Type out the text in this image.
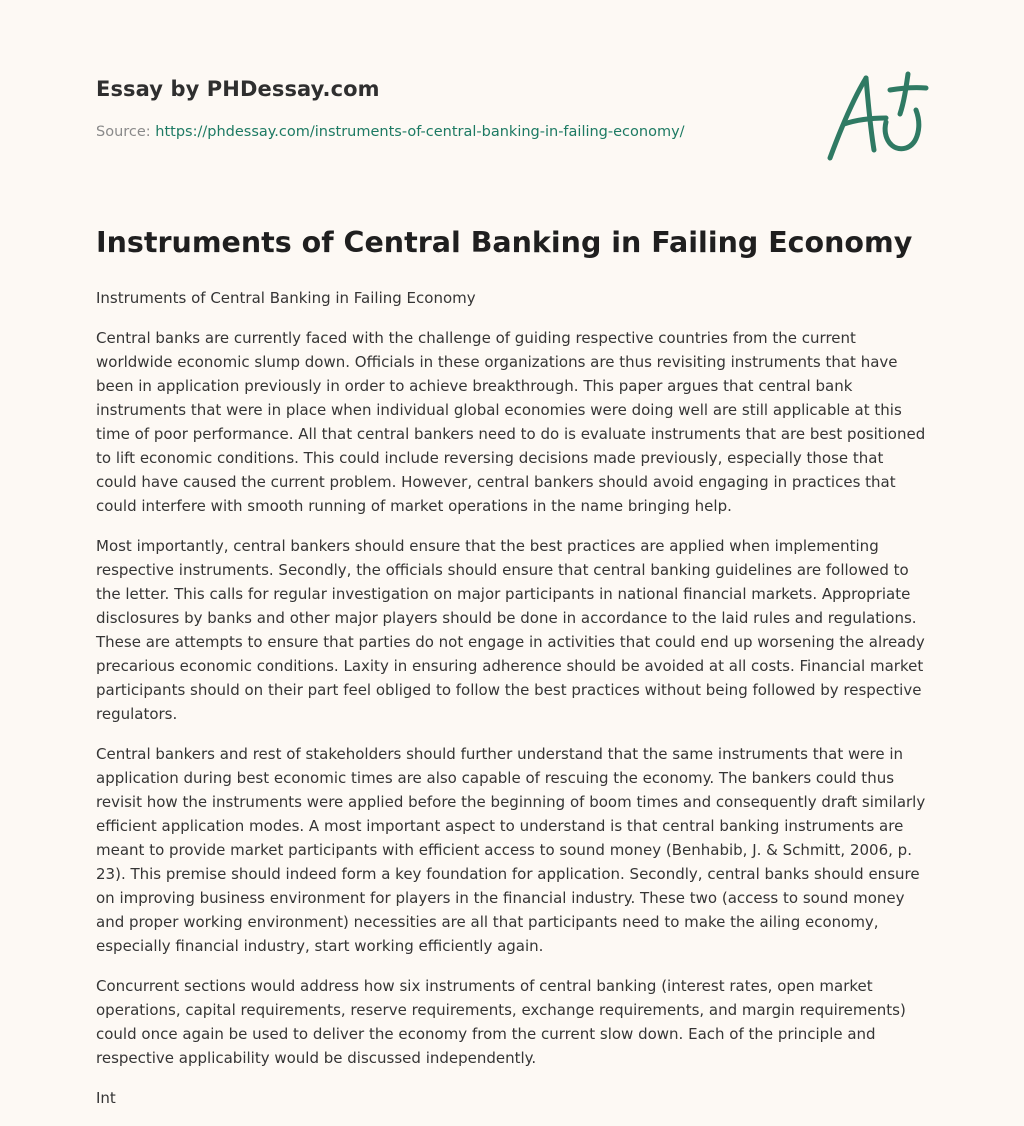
Essay by PHDessay.com
Source: https://phdessay.com/instruments-of-central-banking-in-failing-economy/
Instruments of Central Banking in Failing Economy

Instruments of Central Banking in Failing Economy

Central banks are currently faced with the challenge of guiding respective countries from the current worldwide economic slump down. Officials in these organizations are thus revisiting instruments that have been in application previously in order to achieve breakthrough. This paper argues that central bank instruments that were in place when individual global economies were doing well are still applicable at this time of poor performance. All that central bankers need to do is evaluate instruments that are best positioned to lift economic conditions. This could include reversing decisions made previously, especially those that could have caused the current problem. However, central bankers should avoid engaging in practices that could interfere with smooth running of market operations in the name bringing help.

Most importantly, central bankers should ensure that the best practices are applied when implementing respective instruments. Secondly, the officials should ensure that central banking guidelines are followed to the letter. This calls for regular investigation on major participants in national financial markets. Appropriate disclosures by banks and other major players should be done in accordance to the laid rules and regulations. These are attempts to ensure that parties do not engage in activities that could end up worsening the already precarious economic conditions. Laxity in ensuring adherence should be avoided at all costs. Financial market participants should on their part feel obliged to follow the best practices without being followed by respective regulators.

Central bankers and rest of stakeholders should further understand that the same instruments that were in application during best economic times are also capable of rescuing the economy. The bankers could thus revisit how the instruments were applied before the beginning of boom times and consequently draft similarly efficient application modes. A most important aspect to understand is that central banking instruments are meant to provide market participants with efficient access to sound money (Benhabib, J. & Schmitt, 2006, p. 23). This premise should indeed form a key foundation for application. Secondly, central banks should ensure on improving business environment for players in the financial industry. These two (access to sound money and proper working environment) necessities are all that participants need to make the ailing economy, especially financial industry, start working efficiently again.

Concurrent sections would address how six instruments of central banking (interest rates, open market operations, capital requirements, reserve requirements, exchange requirements, and margin requirements) could once again be used to deliver the economy from the current slow down. Each of the principle and respective applicability would be discussed independently.

Int
